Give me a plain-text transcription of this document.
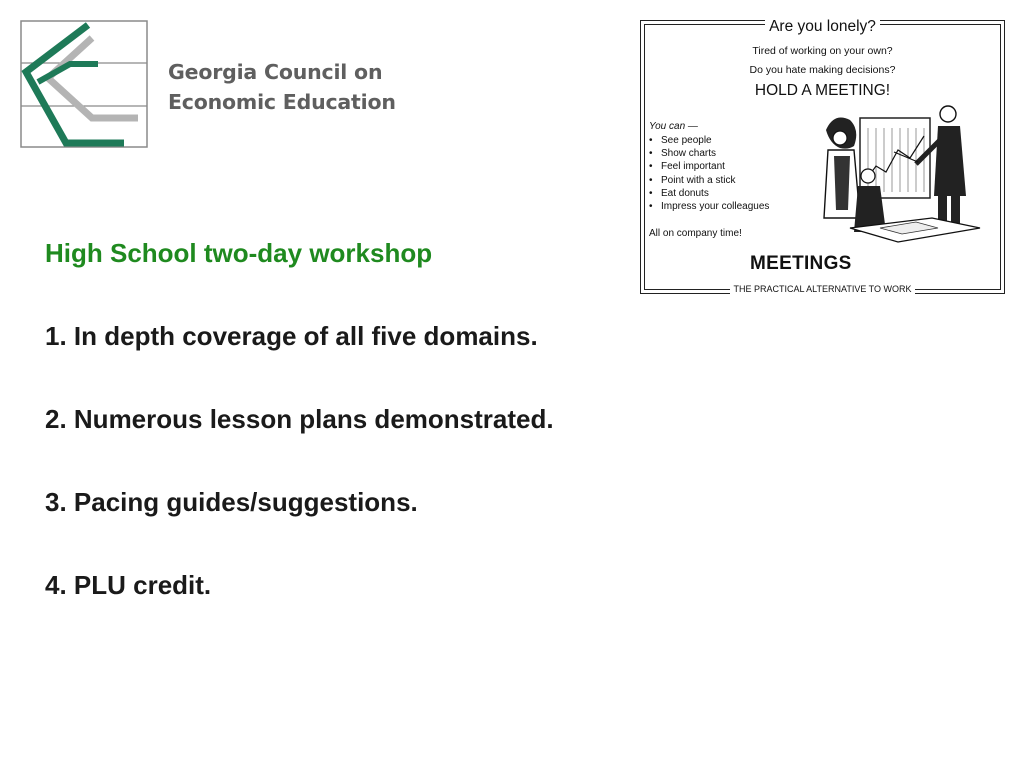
Georgia Council on
Economic Education
Are you lonely?
Tired of working on your own?
Do you hate making decisions?
HOLD A MEETING!
You can —
• See people
• Show charts
• Feel important
• Point with a stick
• Eat donuts
• Impress your colleagues
All on company time!
MEETINGS
THE PRACTICAL ALTERNATIVE TO WORK
High School two-day workshop
1. In depth coverage of all five domains.
2. Numerous lesson plans demonstrated.
3. Pacing guides/suggestions.
4. PLU credit.
